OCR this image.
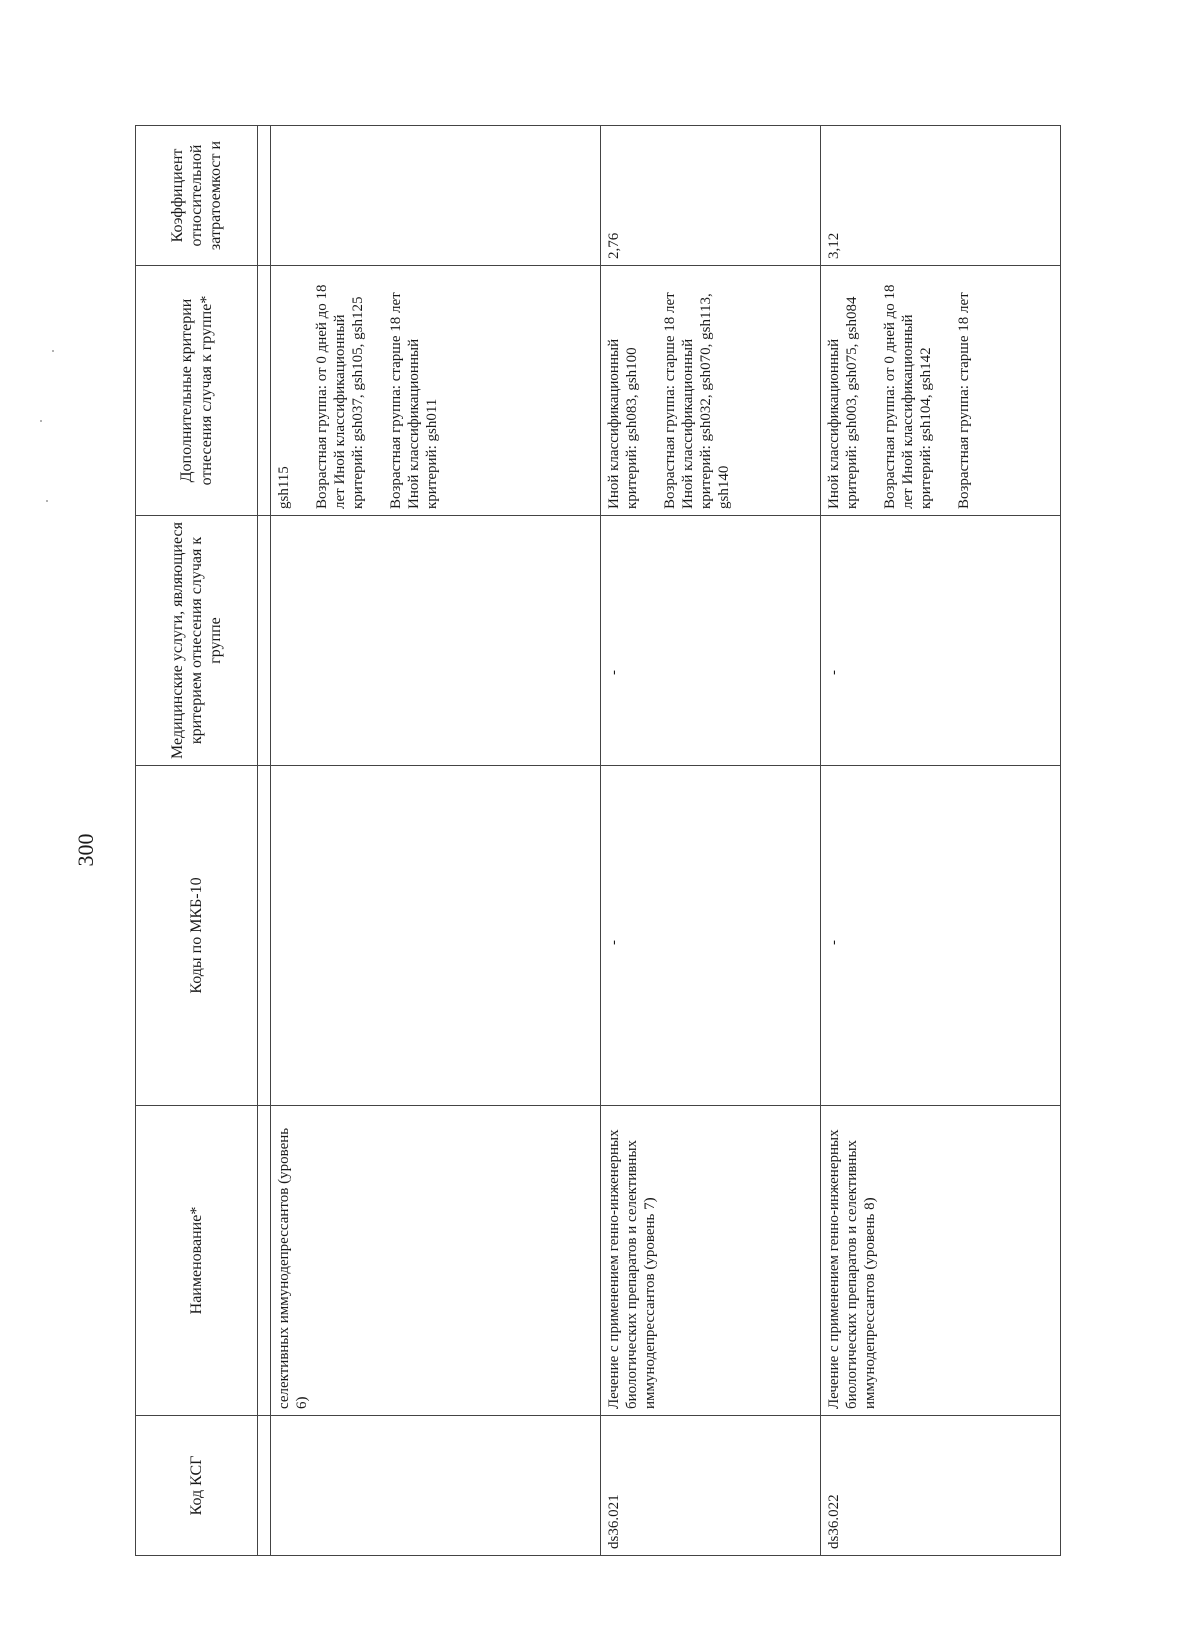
300
Код КСГ	Наименование*	Коды по МКБ-10	Медицинские услуги, являющиеся критерием отнесения случая к группе	Дополнительные критерии отнесения случая к группе*	Коэффициент относительной затратоемкост и

	селективных иммунодепрессантов (уровень 6)			gsh115 Возрастная группа: от 0 дней до 18 лет Иной классификационный критерий: gsh037, gsh105, gsh125 Возрастная группа: старше 18 лет Иной классификационный критерий: gsh011	

ds36.021	Лечение с применением генно-инженерных биологических препаратов и селективных иммунодепрессантов (уровень 7)	-	-	Иной классификационный критерий: gsh083, gsh100 Возрастная группа: старше 18 лет Иной классификационный критерий: gsh032, gsh070, gsh113, gsh140	2,76
ds36.022	Лечение с применением генно-инженерных биологических препаратов и селективных иммунодепрессантов (уровень 8)	-	-	Иной классификационный критерий: gsh003, gsh075, gsh084 Возрастная группа: от 0 дней до 18 лет Иной классификационный критерий: gsh104, gsh142 Возрастная группа: старше 18 лет	3,12
